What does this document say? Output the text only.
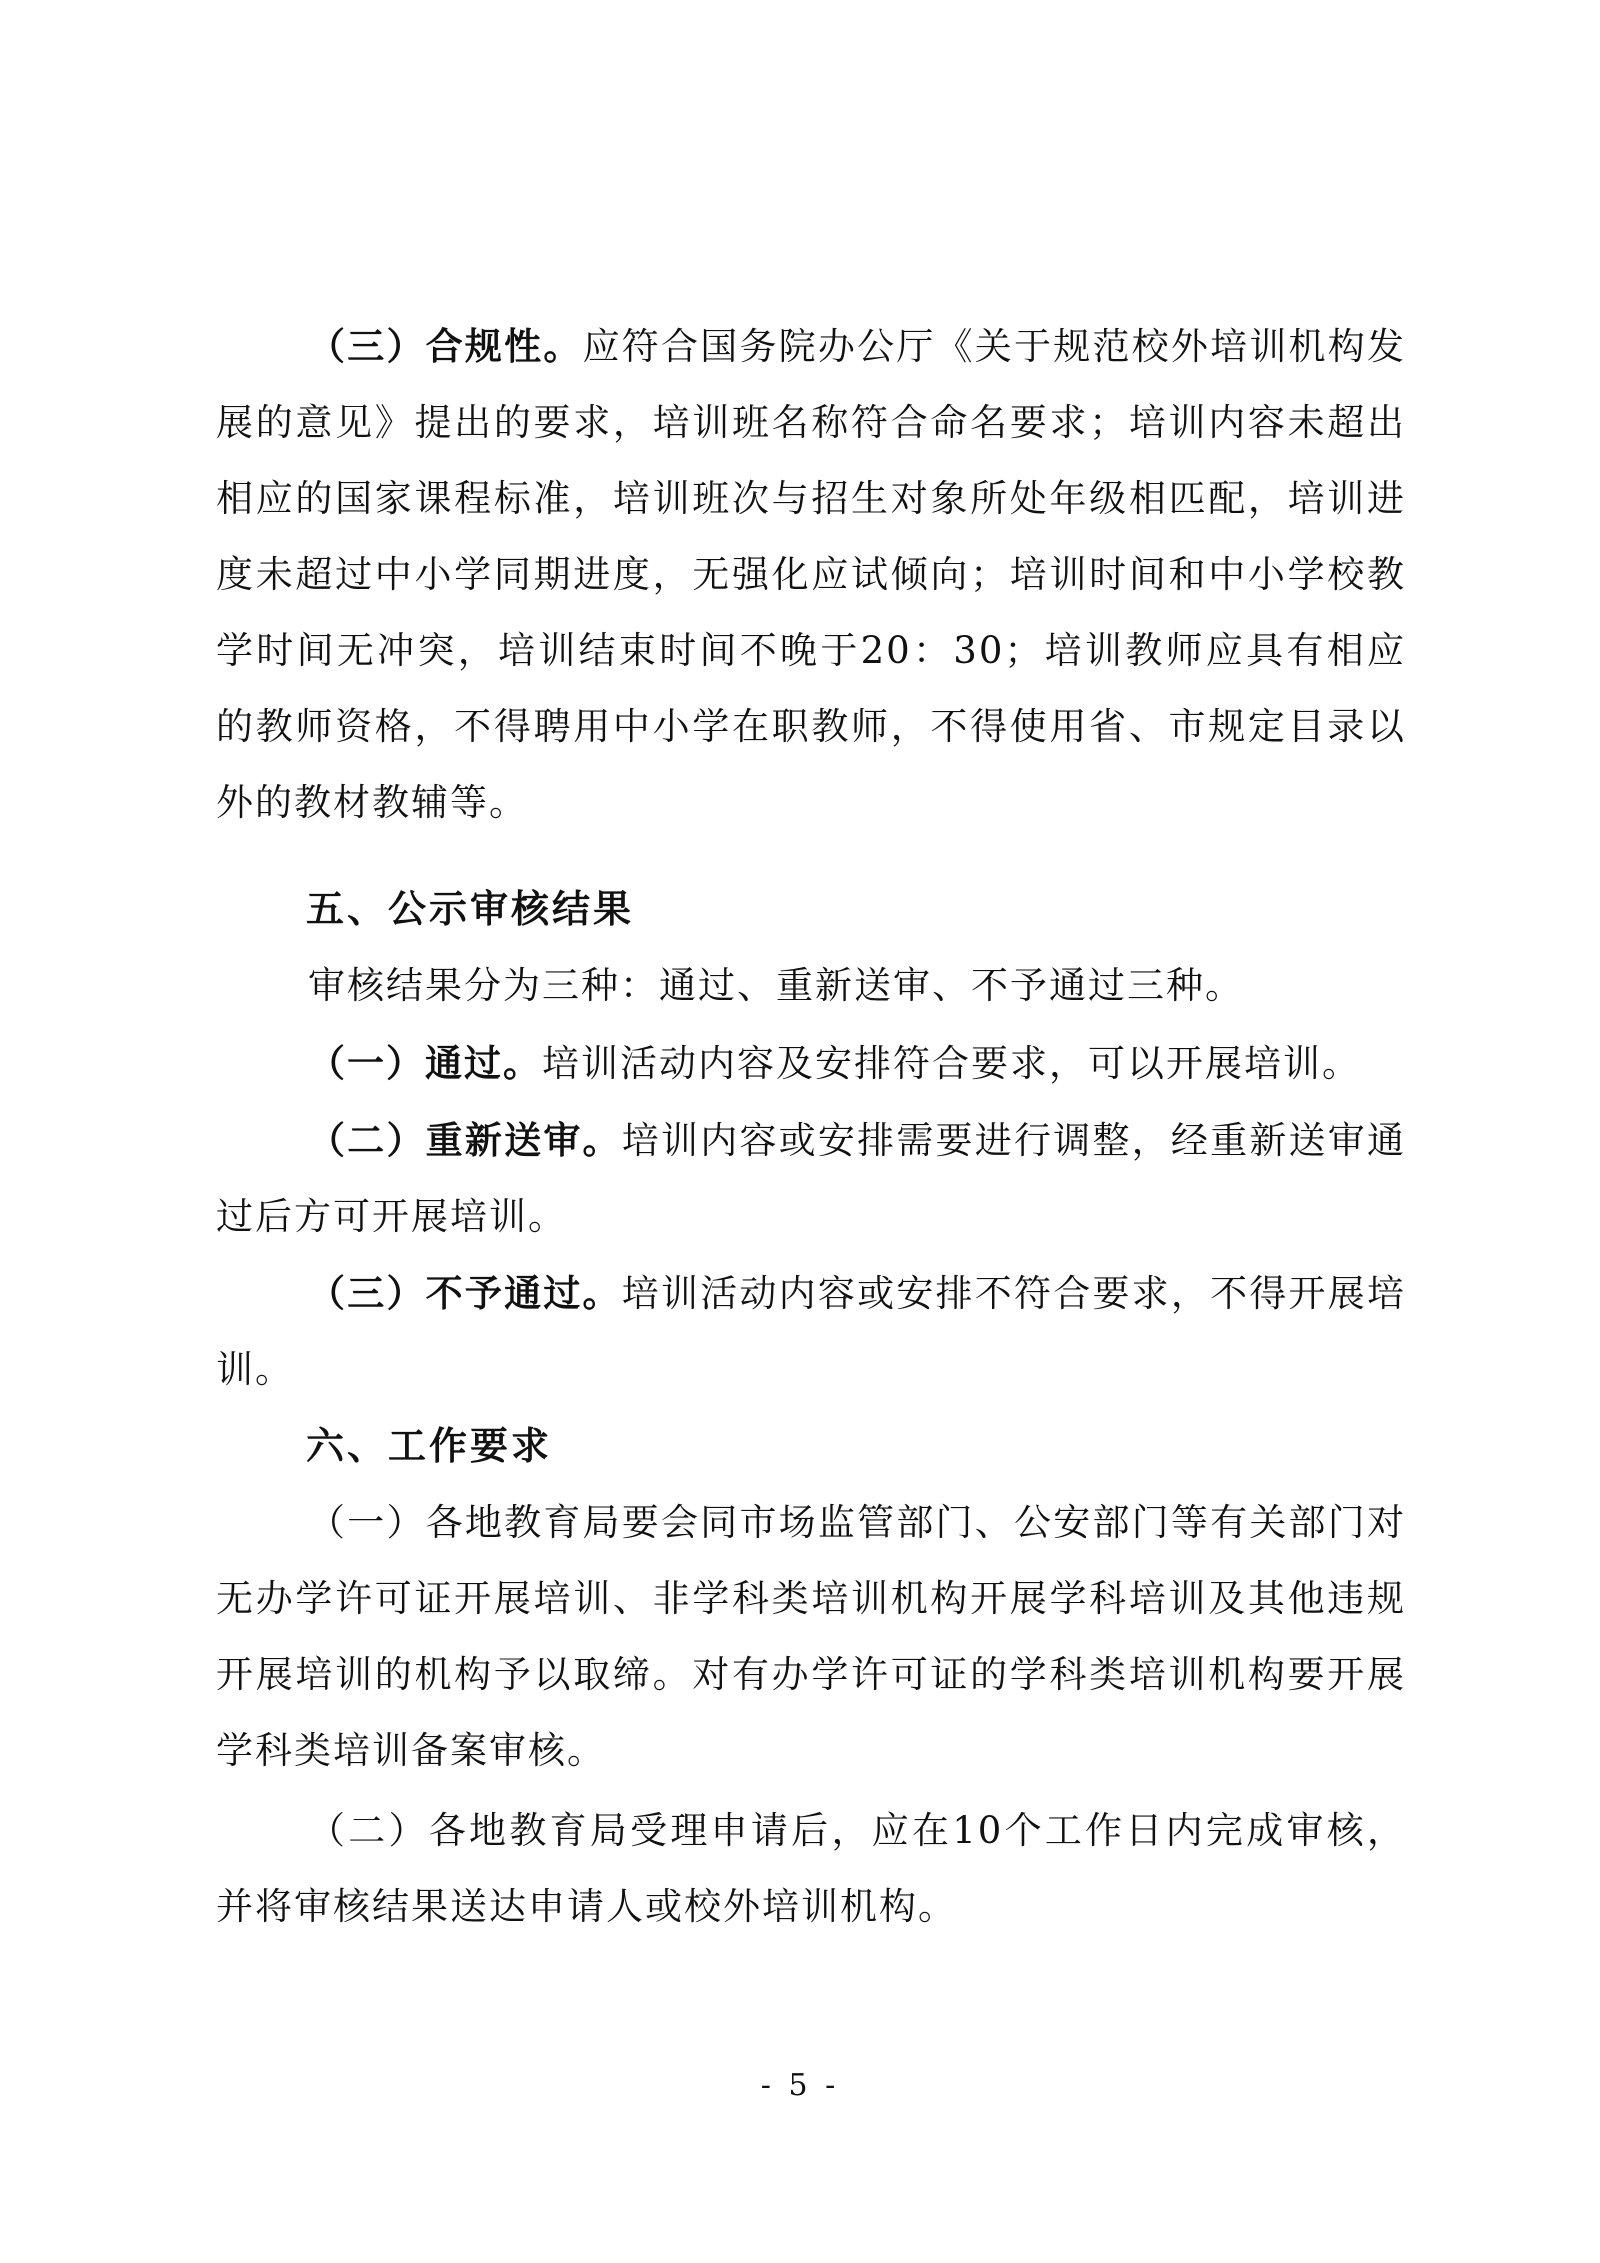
（三）合规性。应符合国务院办公厅《关于规范校外培训机构发展的意见》提出的要求，培训班名称符合命名要求；培训内容未超出相应的国家课程标准，培训班次与招生对象所处年级相匹配，培训进度未超过中小学同期进度，无强化应试倾向；培训时间和中小学校教学时间无冲突，培训结束时间不晚于20：30；培训教师应具有相应的教师资格，不得聘用中小学在职教师，不得使用省、市规定目录以外的教材教辅等。

五、公示审核结果

审核结果分为三种：通过、重新送审、不予通过三种。

（一）通过。培训活动内容及安排符合要求，可以开展培训。

（二）重新送审。培训内容或安排需要进行调整，经重新送审通过后方可开展培训。

（三）不予通过。培训活动内容或安排不符合要求，不得开展培训。

六、工作要求

（一）各地教育局要会同市场监管部门、公安部门等有关部门对无办学许可证开展培训、非学科类培训机构开展学科培训及其他违规开展培训的机构予以取缔。对有办学许可证的学科类培训机构要开展学科类培训备案审核。

（二）各地教育局受理申请后，应在10个工作日内完成审核，并将审核结果送达申请人或校外培训机构。

- 5 -
